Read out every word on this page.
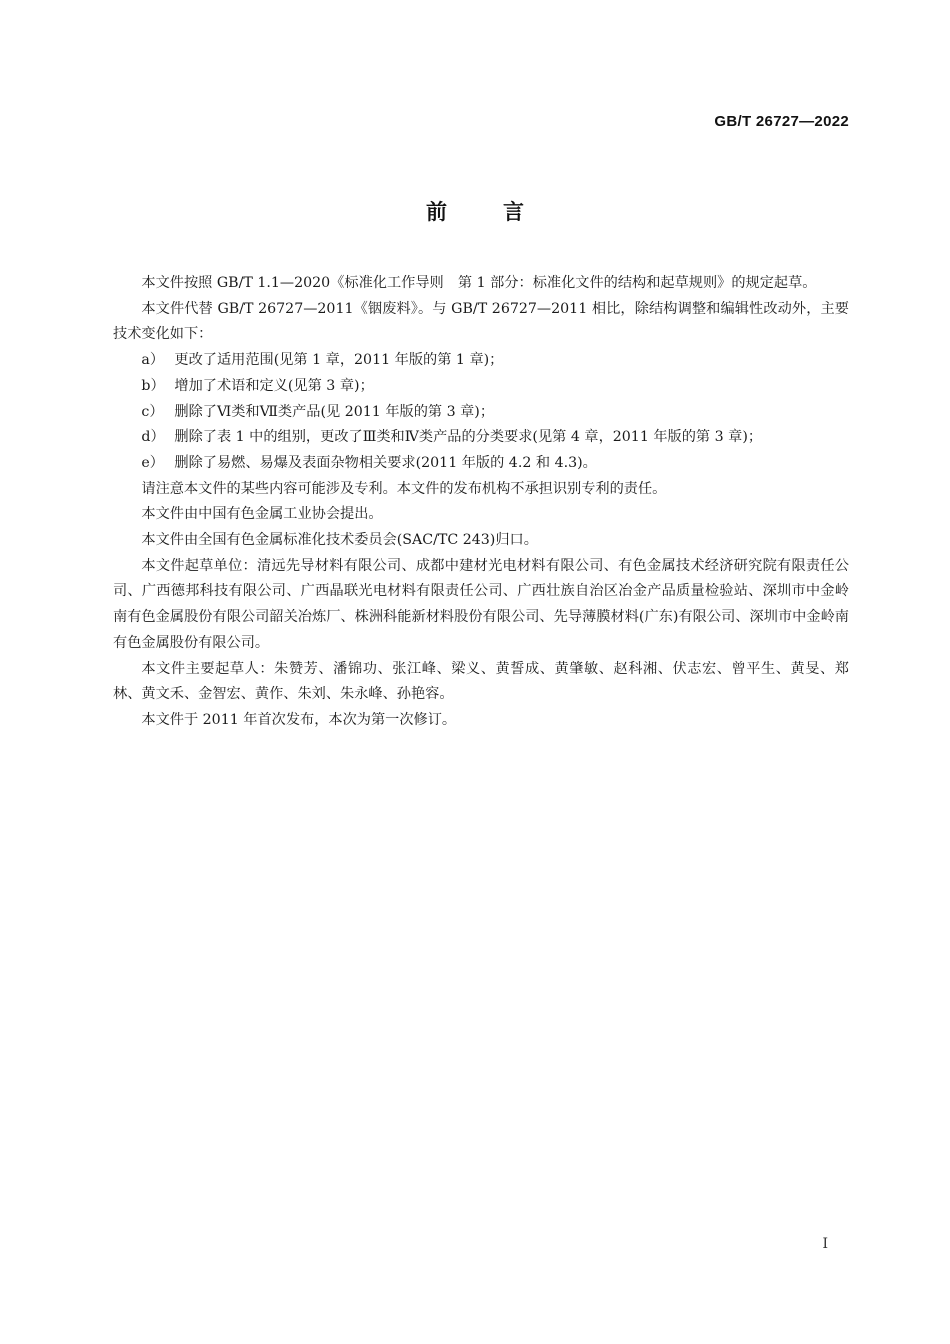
GB/T 26727—2022
前言

本文件按照 GB/T 1.1—2020《标准化工作导则　第 1 部分：标准化文件的结构和起草规则》的规定起草。

本文件代替 GB/T 26727—2011《铟废料》。与 GB/T 26727—2011 相比，除结构调整和编辑性改动外，主要技术变化如下：

a） 更改了适用范围(见第 1 章，2011 年版的第 1 章)；

b） 增加了术语和定义(见第 3 章)；

c） 删除了Ⅵ类和Ⅶ类产品(见 2011 年版的第 3 章)；

d） 删除了表 1 中的组别，更改了Ⅲ类和Ⅳ类产品的分类要求(见第 4 章，2011 年版的第 3 章)；

e） 删除了易燃、易爆及表面杂物相关要求(2011 年版的 4.2 和 4.3)。

请注意本文件的某些内容可能涉及专利。本文件的发布机构不承担识别专利的责任。

本文件由中国有色金属工业协会提出。

本文件由全国有色金属标准化技术委员会(SAC/TC 243)归口。

本文件起草单位：清远先导材料有限公司、成都中建材光电材料有限公司、有色金属技术经济研究院有限责任公司、广西德邦科技有限公司、广西晶联光电材料有限责任公司、广西壮族自治区冶金产品质量检验站、深圳市中金岭南有色金属股份有限公司韶关冶炼厂、株洲科能新材料股份有限公司、先导薄膜材料(广东)有限公司、深圳市中金岭南有色金属股份有限公司。

本文件主要起草人：朱赞芳、潘锦功、张江峰、梁义、黄誓成、黄肇敏、赵科湘、伏志宏、曾平生、黄旻、郑林、黄文禾、金智宏、黄作、朱刘、朱永峰、孙艳容。

本文件于 2011 年首次发布，本次为第一次修订。

I
